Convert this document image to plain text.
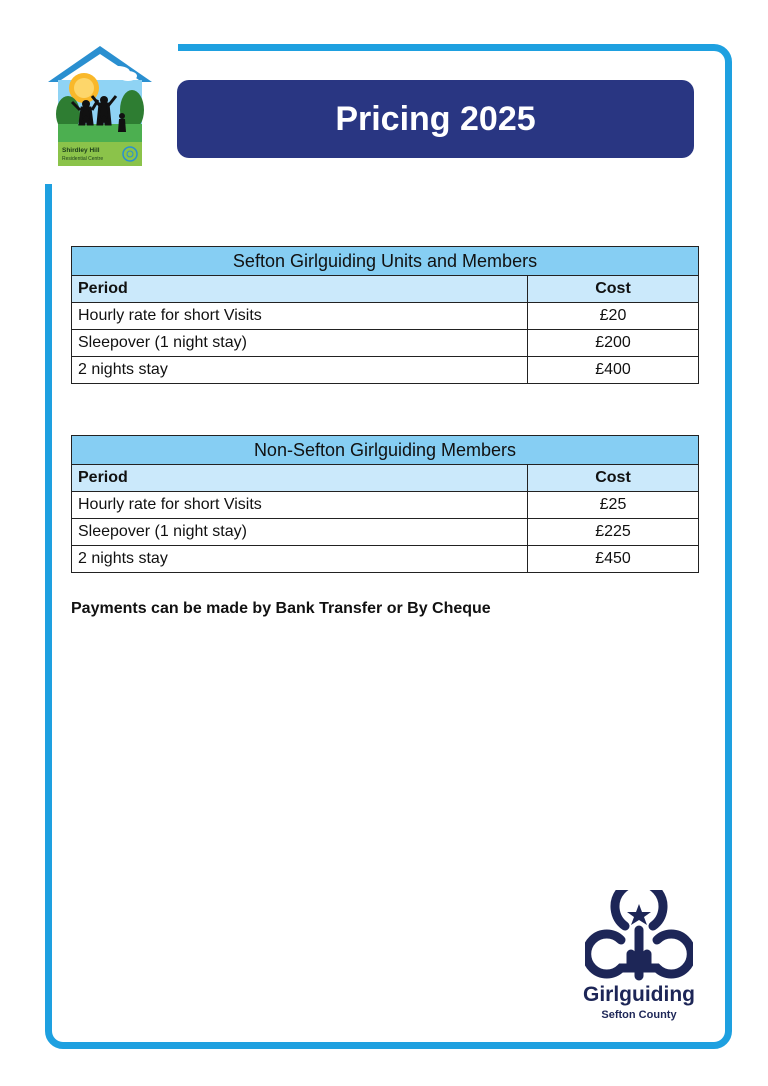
Shirdley Hill
Residential Centre
Pricing 2025
Sefton Girlguiding Units and Members	
Period	Cost
Hourly rate for short Visits	£20
Sleepover (1 night stay)	£200
2 nights stay	£400
Non-Sefton Girlguiding Members	
Period	Cost
Hourly rate for short Visits	£25
Sleepover (1 night stay)	£225
2 nights stay	£450
Payments can be made by Bank Transfer or By Cheque
Girlguiding
Sefton County
